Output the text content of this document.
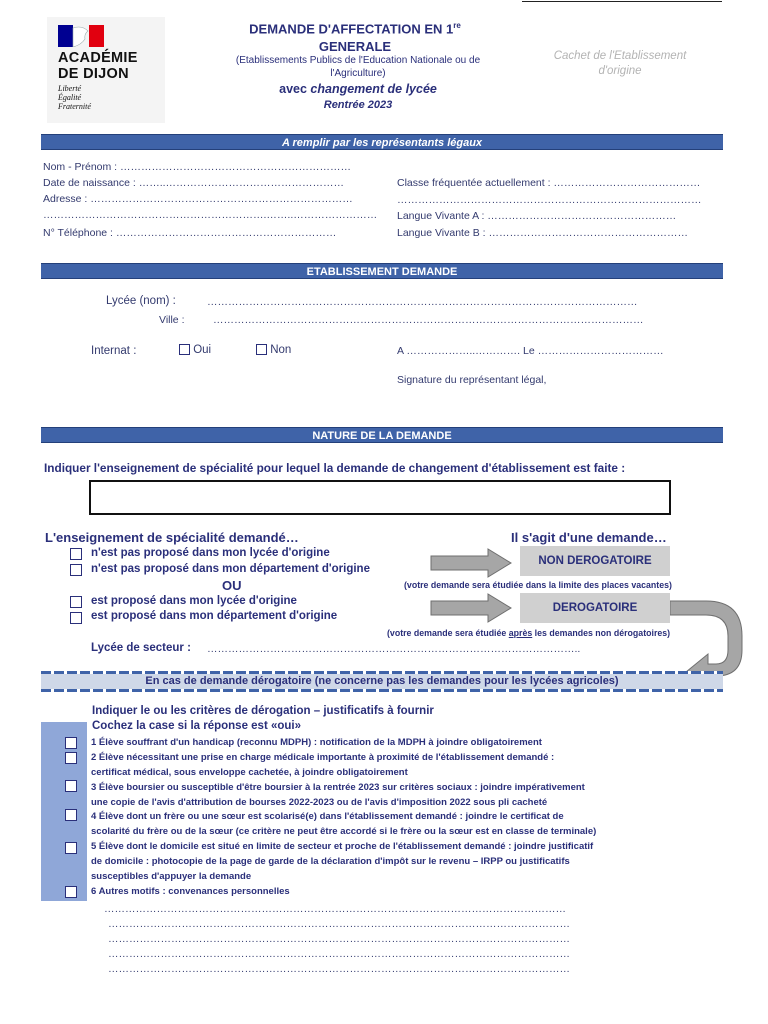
ACADÉMIE
DE DIJON
Liberté
Égalité
Fraternité
DEMANDE D'AFFECTATION EN 1re
GENERALE
(Etablissements Publics de l'Education Nationale ou de l'Agriculture)
avec changement de lycée
Rentrée 2023
Cachet de l'Etablissement d'origine
A remplir par les représentants légaux
Nom - Prénom : …………………………………………………………
Date de naissance : ……..……………………………………………
Adresse : …………………………………………………………………
……………………………………………………….……..……………………
N° Téléphone : ………………………………………………………
Classe fréquentée actuellement : ……………………………………
……………………………………………………………………………
Langue Vivante A : ………………………………………………
Langue Vivante B : …………………………………………………
ETABLISSEMENT DEMANDE
Lycée (nom) :	……………………………………………………………………………………………………………
Ville :	……………………………………………………………………………………………………………
Internat :	Oui	Non	A ………………..…………. Le ………………………………
Signature du représentant légal,
NATURE DE LA DEMANDE
Indiquer l'enseignement de spécialité pour lequel la demande de changement d'établissement est faite :
L'enseignement de spécialité demandé…	Il s'agit d'une demande…
n'est pas proposé dans mon lycée d'origine
n'est pas proposé dans mon département d'origine
OU
est proposé dans mon lycée d'origine
est proposé dans mon département d'origine
NON DEROGATOIRE
(votre demande sera étudiée dans la limite des places vacantes)
DEROGATOIRE
(votre demande sera étudiée après les demandes non dérogatoires)
Lycée de secteur : ……………………………………………………………………………………………..
En cas de demande dérogatoire (ne concerne pas les demandes pour les lycées agricoles)
Indiquer le ou les critères de dérogation – justificatifs à fournir
Cochez la case si la réponse est «oui»
1 Élève souffrant d'un handicap (reconnu MDPH) : notification de la MDPH à joindre obligatoirement
2 Élève nécessitant une prise en charge médicale importante à proximité de l'établissement demandé :
certificat médical, sous enveloppe cachetée, à joindre obligatoirement
3 Élève boursier ou susceptible d'être boursier à la rentrée 2023 sur critères sociaux : joindre impérativement
une copie de l'avis d'attribution de bourses 2022-2023 ou de l'avis d'imposition 2022 sous pli cacheté
4 Élève dont un frère ou une sœur est scolarisé(e) dans l'établissement demandé : joindre le certificat de
scolarité du frère ou de la sœur (ce critère ne peut être accordé si le frère ou la sœur est en classe de terminale)
5 Élève dont le domicile est situé en limite de secteur et proche de l'établissement demandé : joindre justificatif
de domicile : photocopie de la page de garde de la déclaration d'impôt sur le revenu – IRPP ou justificatifs
susceptibles d'appuyer la demande
6 Autres motifs : convenances personnelles
……………………………………………………………………………………………………………………
……………………………………………………………………………………………………………………
……………………………………………………………………………………………………………………
……………………………………………………………………………………………………………………
……………………………………………………………………………………………………………………
